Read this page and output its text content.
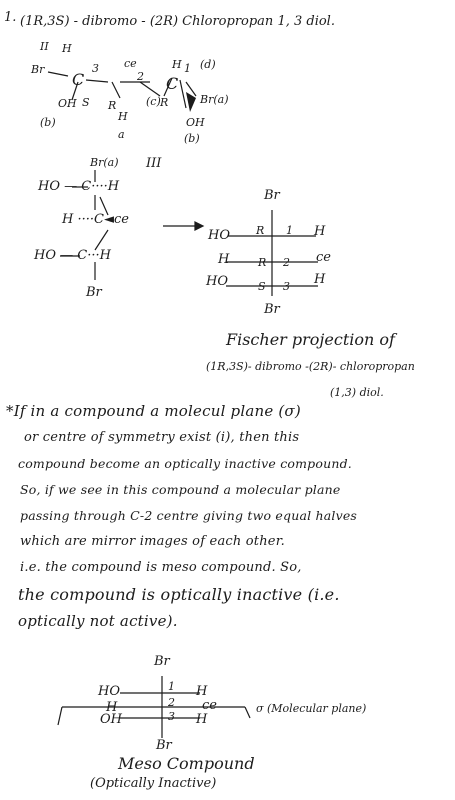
1. (1R,3S) - dibromo - (2R) Chloropropan 1, 3 diol.
Br
H
C
3
OH
(b)
ce
2
R
H
(c)
C
1 (d)
H
Br(a)
OH
(b)
R
a
S
II
Br(a)
HO — C····H
H ····C◄ce
HO — C···H
Br
III
Br
HO R 1 H
H	R 2 ce
HO	S 3 H
Br
Fischer projection of
(1R,3S)- dibromo -(2R)- chloropropan
(1,3) diol.
*If in a compound a molecul plane (σ)
or centre of symmetry exist (i), then this
compound become an optically inactive compound.
So, if we see in this compound a molecular plane
passing through C-2 centre giving two equal halves
which are mirror images of each other.
i.e. the compound is meso compound. So,
the compound is optically inactive (i.e.
optically not active).
Br
HO	1 H
H	2 ce
OH	3 H
σ (Molecular plane)
Br
Meso Compound
(Optically Inactive)
